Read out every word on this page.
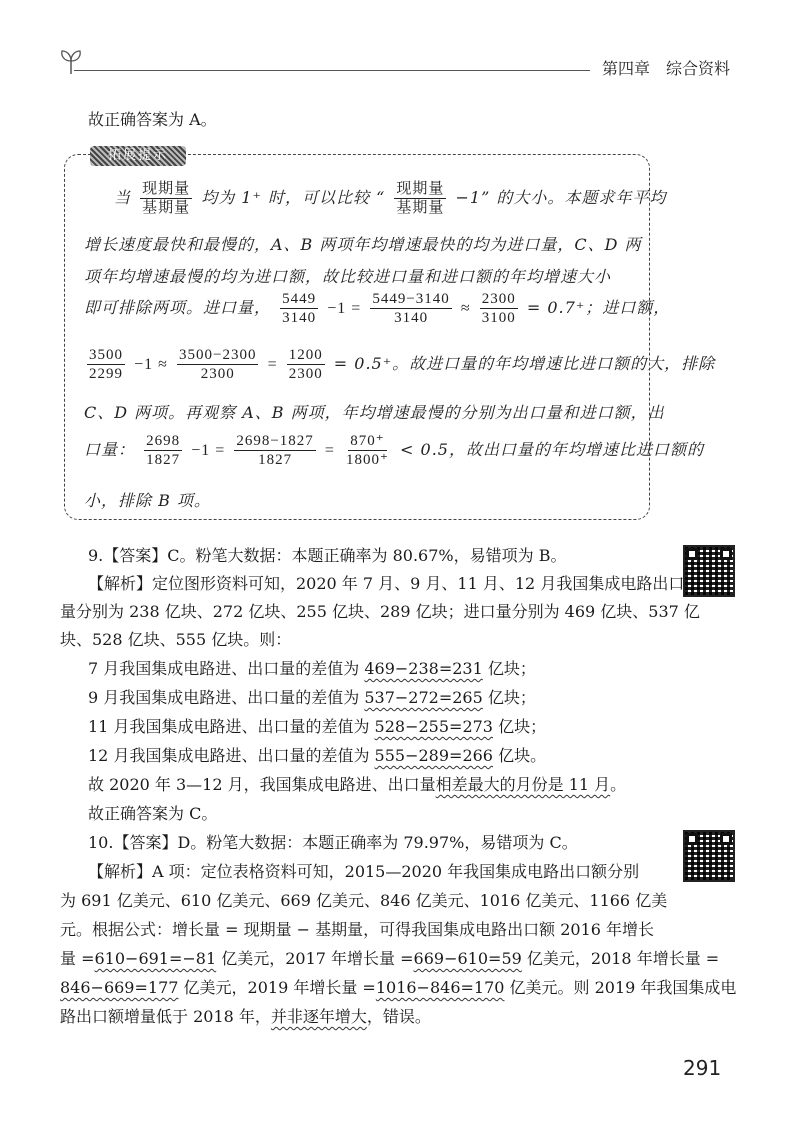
第四章 综合资料
故正确答案为 A。
拓展提示
当 $\frac{\text{现期量}}{\text{基期量}}$ 均为 1⁺ 时，可以比较 “ $\frac{\text{现期量}}{\text{基期量}} -1$” 的大小。本题求年平均
增长速度最快和最慢的，A、B 两项年均增速最快的均为进口量，C、D 两
项年均增速最慢的均为进口额，故比较进口量和进口额的年均增速大小
即可排除两项。进口量， $\frac{5449}{3140} -1 = \frac{5449-3140}{3140} \approx \frac{2300}{3100} = 0.7^+$；进口额，
$\frac{3500}{2299} -1 \approx \frac{3500-2300}{2300} = \frac{1200}{2300} = 0.5^+$。故进口量的年均增速比进口额的大，排除
C、D 两项。再观察 A、B 两项，年均增速最慢的分别为出口量和进口额，出
口量： $\frac{2698}{1827} -1 = \frac{2698-1827}{1827} = \frac{870^+}{1800^+} < 0.5$，故出口量的年均增速比进口额的
小，排除 B 项。
9.【答案】C。粉笔大数据：本题正确率为 80.67%，易错项为 B。
【解析】定位图形资料可知，2020 年 7 月、9 月、11 月、12 月我国集成电路出口
量分别为 238 亿块、272 亿块、255 亿块、289 亿块；进口量分别为 469 亿块、537 亿
块、528 亿块、555 亿块。则：
7 月我国集成电路进、出口量的差值为 469−238=231 亿块；
9 月我国集成电路进、出口量的差值为 537−272=265 亿块；
11 月我国集成电路进、出口量的差值为 528−255=273 亿块；
12 月我国集成电路进、出口量的差值为 555−289=266 亿块。
故 2020 年 3—12 月，我国集成电路进、出口量相差最大的月份是 11 月。
故正确答案为 C。
10.【答案】D。粉笔大数据：本题正确率为 79.97%，易错项为 C。
【解析】A 项：定位表格资料可知，2015—2020 年我国集成电路出口额分别
为 691 亿美元、610 亿美元、669 亿美元、846 亿美元、1016 亿美元、1166 亿美
元。根据公式：增长量 = 现期量 − 基期量，可得我国集成电路出口额 2016 年增长
量 =610−691=−81 亿美元，2017 年增长量 =669−610=59 亿美元，2018 年增长量 =
846−669=177 亿美元，2019 年增长量 =1016−846=170 亿美元。则 2019 年我国集成电
路出口额增量低于 2018 年，并非逐年增大，错误。
291
